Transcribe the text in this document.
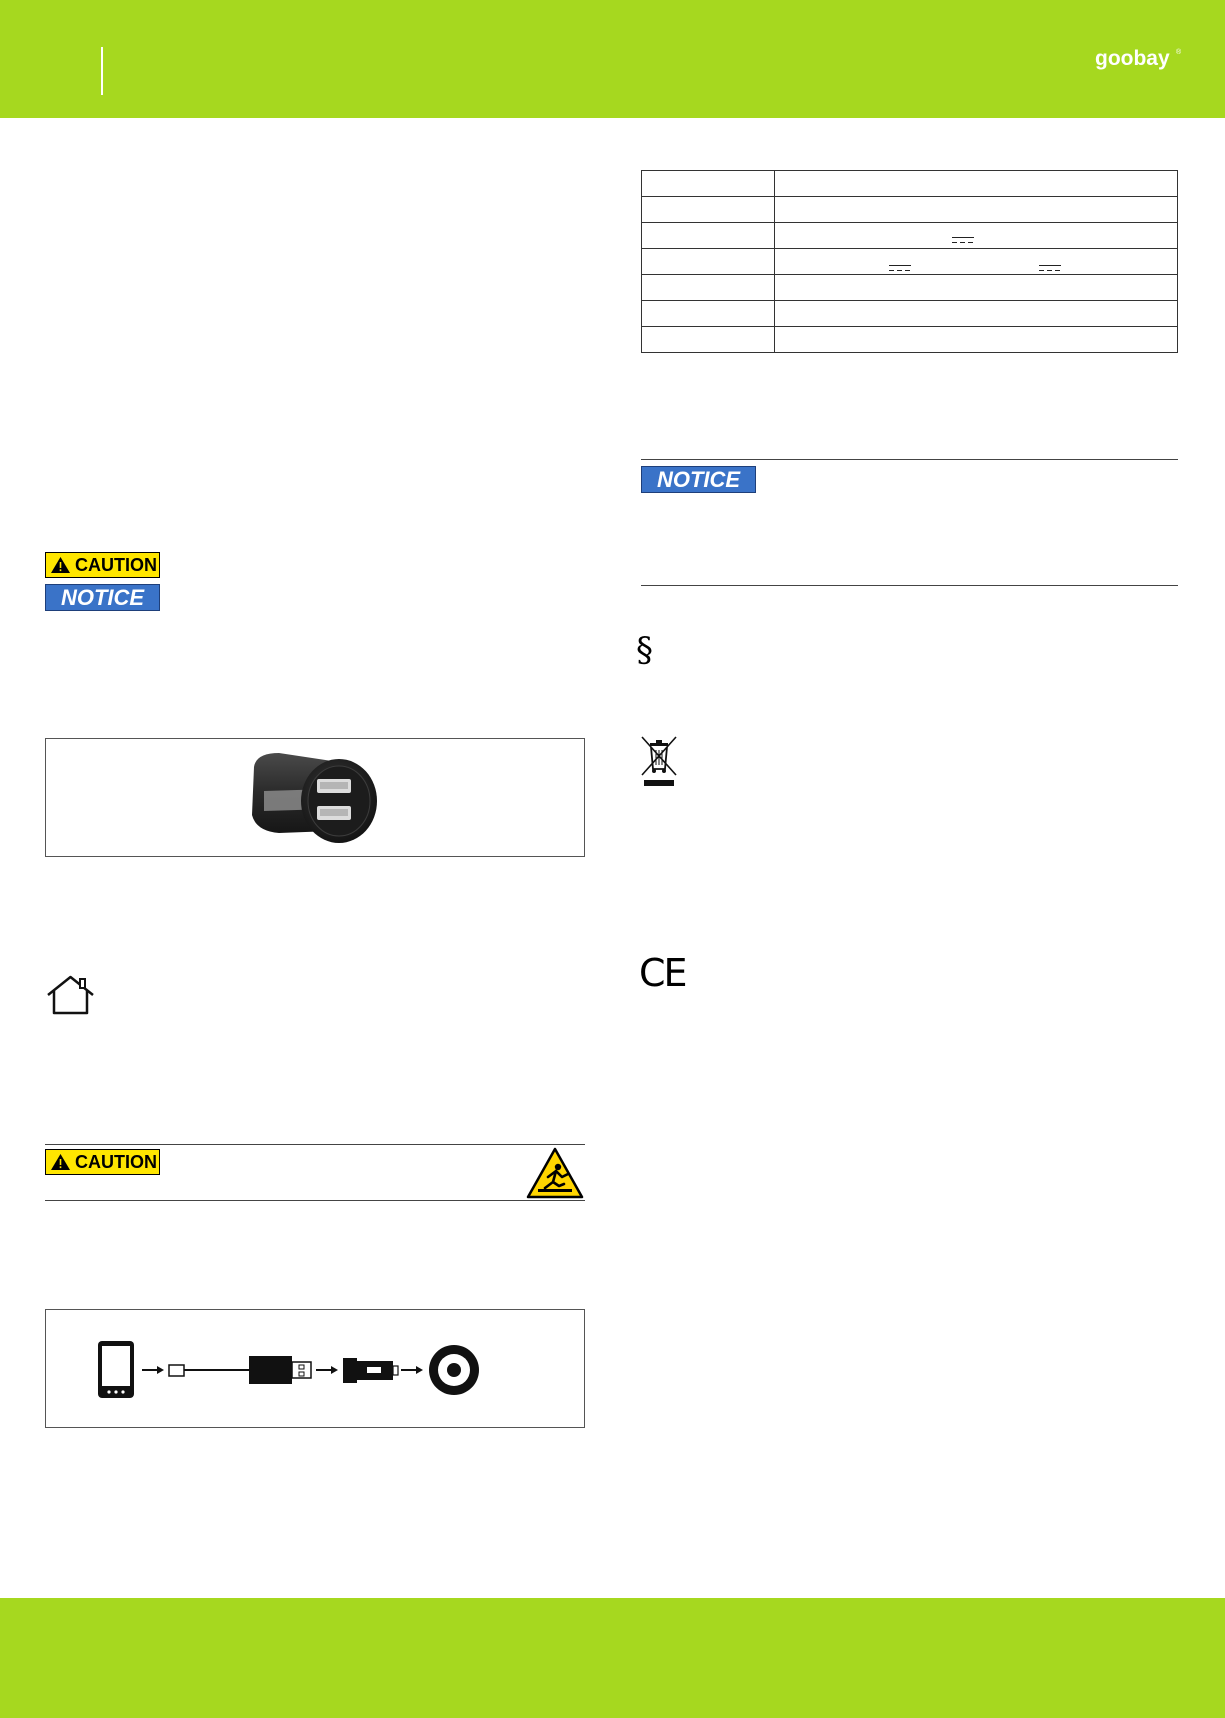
goobay ®
CAUTION
NOTICE
CAUTION

NOTICE
§
CE
